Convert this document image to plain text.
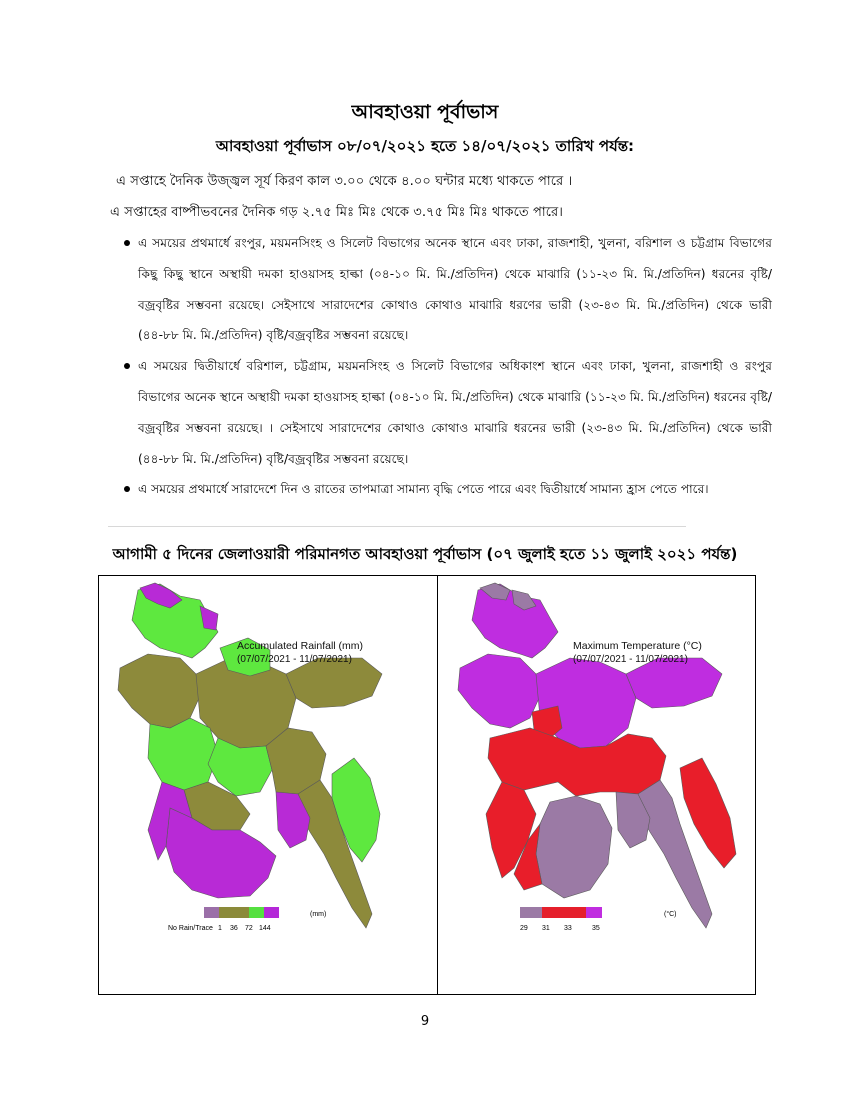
আবহাওয়া পূর্বাভাস
আবহাওয়া পূর্বাভাস ০৮/০৭/২০২১ হতে ১৪/০৭/২০২১ তারিখ পর্যন্ত:
এ সপ্তাহে দৈনিক উজ্জ্বল সূর্য কিরণ কাল ৩.০০ থেকে ৪.০০ ঘন্টার মধ্যে থাকতে পারে ।
এ সপ্তাহের বাষ্পীভবনের দৈনিক গড় ২.৭৫ মিঃ মিঃ থেকে ৩.৭৫ মিঃ মিঃ থাকতে পারে।
এ সময়ের প্রথমার্ধে রংপুর, ময়মনসিংহ ও সিলেট বিভাগের অনেক স্থানে এবং ঢাকা, রাজশাহী, খুলনা, বরিশাল ও চট্টগ্রাম বিভাগের কিছু কিছু স্থানে অস্থায়ী দমকা হাওয়াসহ হাল্কা (০৪-১০ মি. মি./প্রতিদিন) থেকে মাঝারি (১১-২৩ মি. মি./প্রতিদিন) ধরনের বৃষ্টি/বজ্রবৃষ্টির সম্ভবনা রয়েছে। সেইসাথে সারাদেশের কোথাও কোথাও মাঝারি ধরণের ভারী (২৩-৪৩ মি. মি./প্রতিদিন) থেকে ভারী (৪৪-৮৮ মি. মি./প্রতিদিন) বৃষ্টি/বজ্রবৃষ্টির সম্ভবনা রয়েছে।
এ সময়ের দ্বিতীয়ার্ধে বরিশাল, চট্টগ্রাম, ময়মনসিংহ ও সিলেট বিভাগের অধিকাংশ স্থানে এবং ঢাকা, খুলনা, রাজশাহী ও রংপুর বিভাগের অনেক স্থানে অস্থায়ী দমকা হাওয়াসহ হাল্কা (০৪-১০ মি. মি./প্রতিদিন) থেকে মাঝারি (১১-২৩ মি. মি./প্রতিদিন) ধরনের বৃষ্টি/বজ্রবৃষ্টির সম্ভবনা রয়েছে। । সেইসাথে সারাদেশের কোথাও কোথাও মাঝারি ধরনের ভারী (২৩-৪৩ মি. মি./প্রতিদিন) থেকে ভারী (৪৪-৮৮ মি. মি./প্রতিদিন) বৃষ্টি/বজ্রবৃষ্টির সম্ভবনা রয়েছে।
এ সময়ের প্রথমার্ধে সারাদেশে দিন ও রাতের তাপমাত্রা সামান্য বৃদ্ধি পেতে পারে এবং দ্বিতীয়ার্ধে সামান্য হ্রাস পেতে পারে।
আগামী ৫ দিনের জেলাওয়ারী পরিমানগত আবহাওয়া পূর্বাভাস (০৭ জুলাই হতে ১১ জুলাই ২০২১ পর্যন্ত)
Accumulated Rainfall (mm)
(07/07/2021 - 11/07/2021)
No Rain/Trace 1 36 72 144
(mm)
Maximum Temperature (°C)
(07/07/2021 - 11/07/2021)
29 31 33	35
(°C)
9
